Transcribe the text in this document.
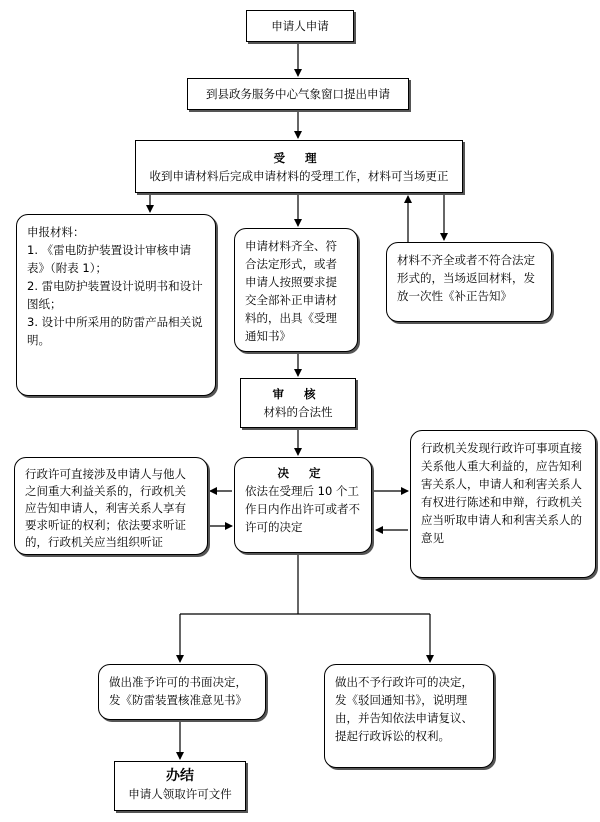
申请人申请
到县政务服务中心气象窗口提出申请
受 理
收到申请材料后完成申请材料的受理工作，材料可当场更正
申报材料：
1. 《雷电防护装置设计审核申请表》（附表 1）；
2. 雷电防护装置设计说明书和设计图纸；
3. 设计中所采用的防雷产品相关说明。
申请材料齐全、符合法定形式，或者申请人按照要求提交全部补正申请材料的，出具《受理通知书》
材料不齐全或者不符合法定形式的，当场返回材料，发放一次性《补正告知》
审 核
材料的合法性
行政许可直接涉及申请人与他人之间重大利益关系的，行政机关应告知申请人，利害关系人享有要求听证的权利；依法要求听证的，行政机关应当组织听证
决 定
依法在受理后 10 个工作日内作出许可或者不许可的决定
行政机关发现行政许可事项直接关系他人重大利益的，应告知利害关系人，申请人和利害关系人有权进行陈述和申辩，行政机关应当听取申请人和利害关系人的意见
做出准予许可的书面决定，发《防雷装置核准意见书》
做出不予行政许可的决定，发《驳回通知书》，说明理由，并告知依法申请复议、提起行政诉讼的权利。
办结
申请人领取许可文件
